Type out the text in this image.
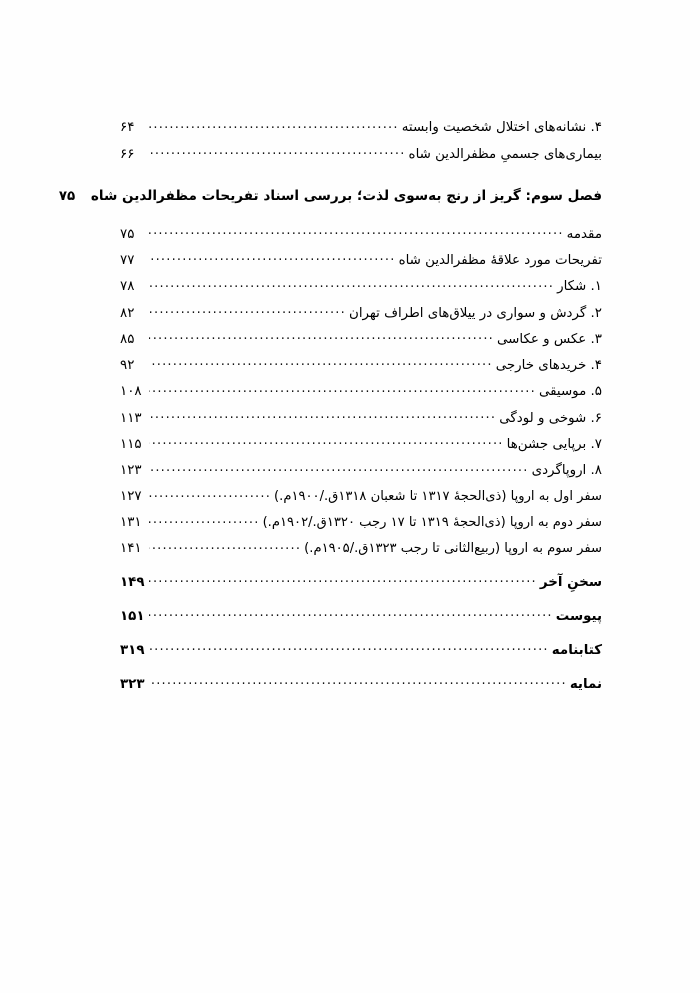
۴. نشانه‌های اختلال شخصیت وابسته
.....
۶۴
بیماری‌های جسمیِ مظفرالدین شاه
.....
۶۶
فصل سوم: گریز از رنج به‌سوی لذت؛ بررسی اسناد تفریحات مظفرالدین شاه
۷۵
مقدمه
.....
۷۵
تفریحات مورد علاقۀ مظفرالدین شاه
.....
۷۷
۱. شکار
.....
۷۸
۲. گردش و سواری در ییلاق‌های اطراف تهران
.....
۸۲
۳. عکس و عکاسی
.....
۸۵
۴. خریدهای خارجی
.....
۹۲
۵. موسیقی
.....
۱۰۸
۶. شوخی و لودگی
.....
۱۱۳
۷. برپایی جشن‌ها
.....
۱۱۵
۸. اروپاگردی
.....
۱۲۳
سفر اول به اروپا (ذی‌الحجۀ ۱۳۱۷ تا شعبان ۱۳۱۸ق./۱۹۰۰م.)
.....
۱۲۷
سفر دوم به اروپا (ذی‌الحجۀ ۱۳۱۹ تا ۱۷ رجب ۱۳۲۰ق./۱۹۰۲م.)
.....
۱۳۱
سفر سوم به اروپا (ربیع‌الثانی تا رجب ۱۳۲۳ق./۱۹۰۵م.)
.....
۱۴۱
سخنِ آخر
.....
۱۴۹
پیوست
.....
۱۵۱
کتابنامه
.....
۳۱۹
نمایه
.....
۳۲۳
